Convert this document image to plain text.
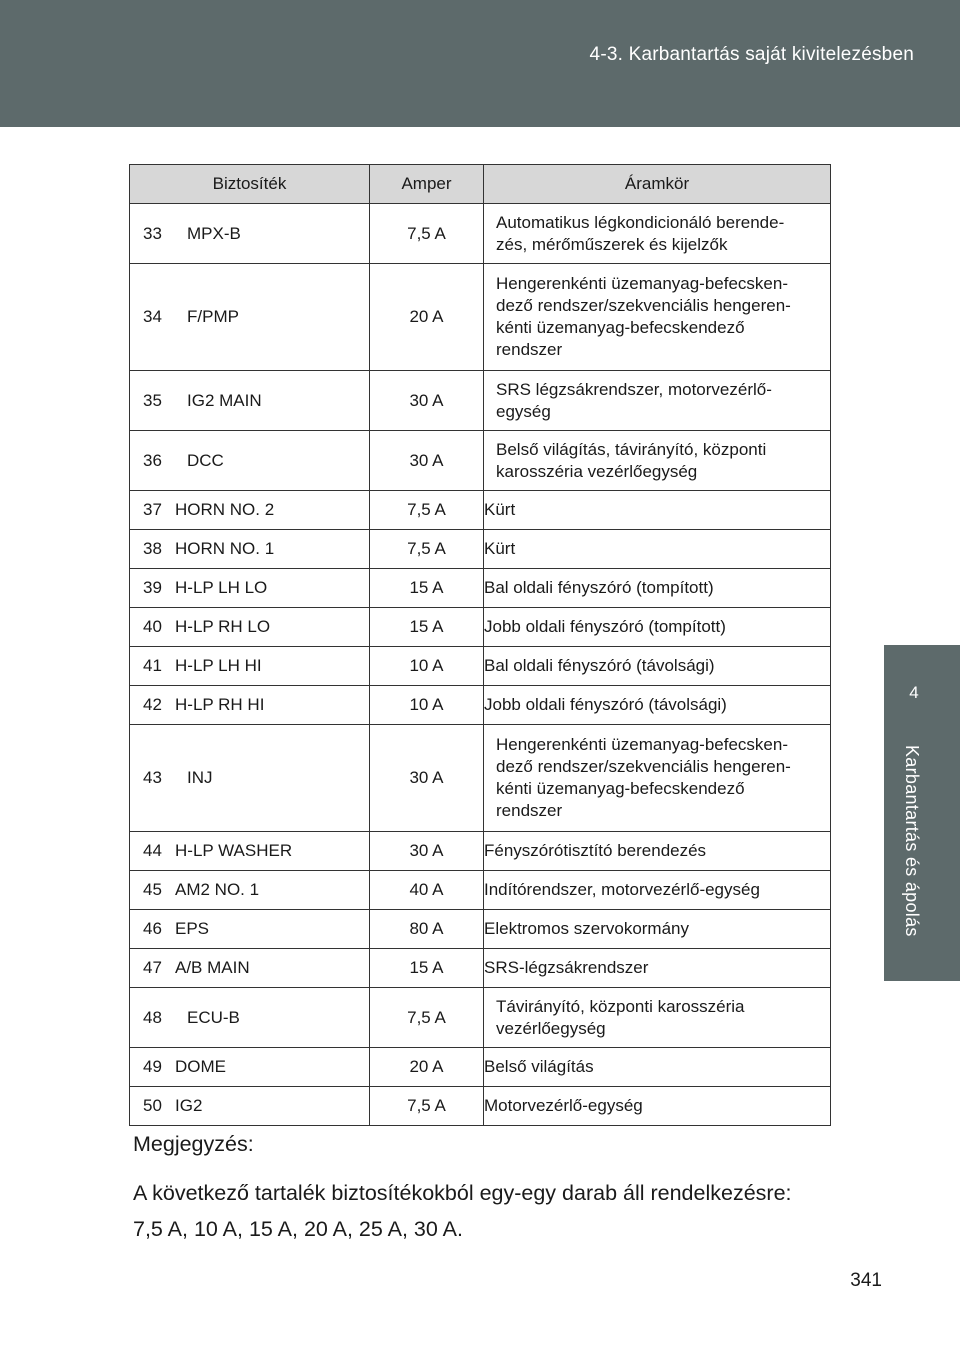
4-3. Karbantartás saját kivitelezésben
4
Karbantartás és ápolás
Biztosíték		Amper	Áramkör
33	MPX-B	7,5 A	Automatikus légkondicionáló berende-
zés, mérőműszerek és kijelzők
34	F/PMP	20 A	Hengerenkénti üzemanyag-befecsken-
dező rendszer/szekvenciális hengeren-
kénti üzemanyag-befecskendező
rendszer
35	IG2 MAIN	30 A	SRS légzsákrendszer, motorvezérlő-
egység
36	DCC	30 A	Belső világítás, távirányító, központi
karosszéria vezérlőegység
37	HORN NO. 2	7,5 A	Kürt
38	HORN NO. 1	7,5 A	Kürt
39	H-LP LH LO	15 A	Bal oldali fényszóró (tompított)
40	H-LP RH LO	15 A	Jobb oldali fényszóró (tompított)
41	H-LP LH HI	10 A	Bal oldali fényszóró (távolsági)
42	H-LP RH HI	10 A	Jobb oldali fényszóró (távolsági)
43	INJ	30 A	Hengerenkénti üzemanyag-befecsken-
dező rendszer/szekvenciális hengeren-
kénti üzemanyag-befecskendező
rendszer
44	H-LP WASHER	30 A	Fényszórótisztító berendezés
45	AM2 NO. 1	40 A	Indítórendszer, motorvezérlő-egység
46	EPS	80 A	Elektromos szervokormány
47	A/B MAIN	15 A	SRS-légzsákrendszer
48	ECU-B	7,5 A	Távirányító, központi karosszéria
vezérlőegység
49	DOME	20 A	Belső világítás
50	IG2	7,5 A	Motorvezérlő-egység
Megjegyzés:
A következő tartalék biztosítékokból egy-egy darab áll rendelkezésre:
7,5 A, 10 A, 15 A, 20 A, 25 A, 30 A.
341
